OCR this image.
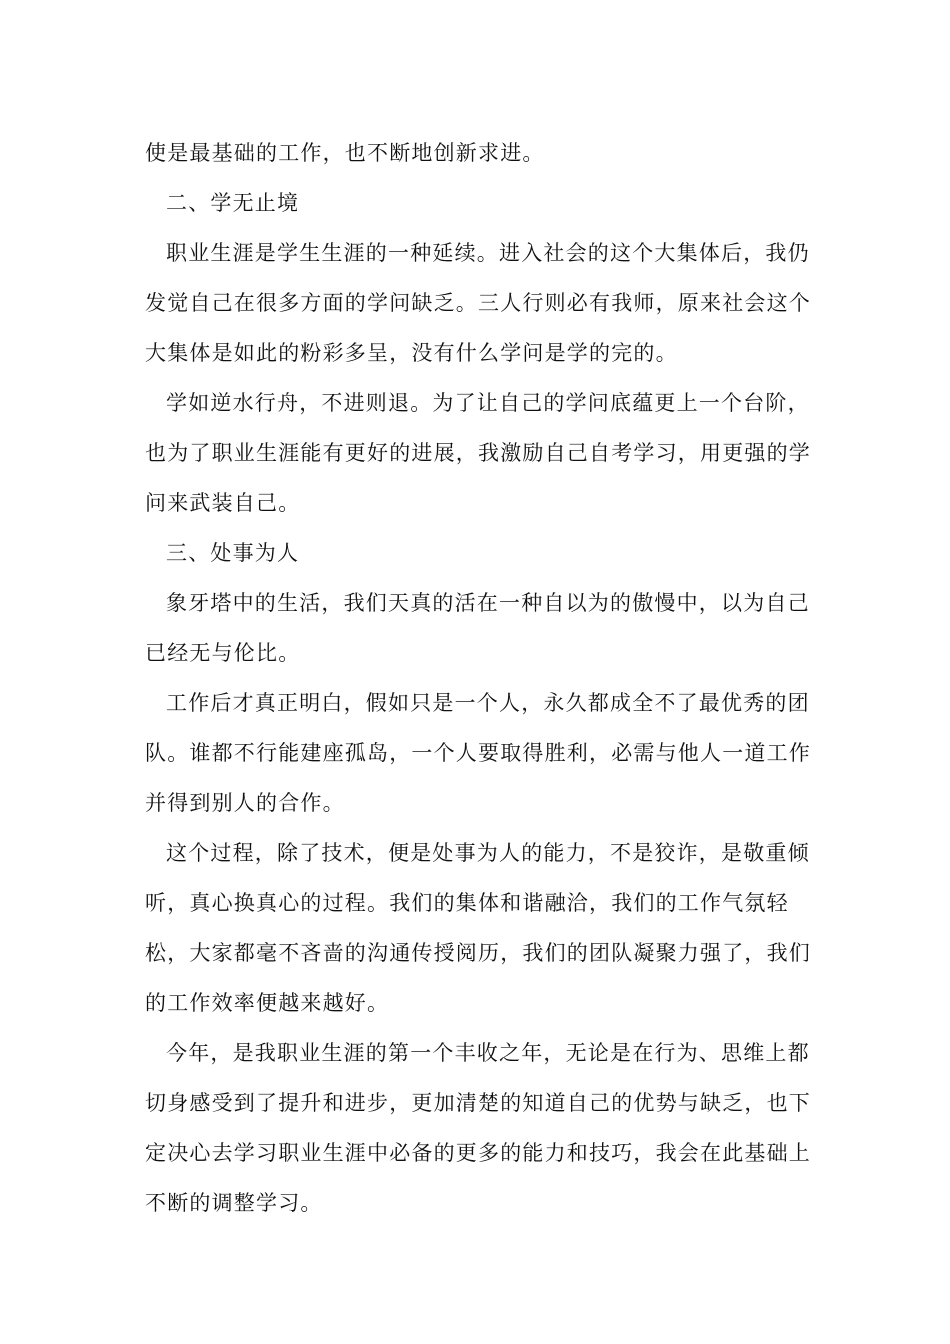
使是最基础的工作，也不断地创新求进。

二、学无止境

职业生涯是学生生涯的一种延续。进入社会的这个大集体后，我仍发觉自己在很多方面的学问缺乏。三人行则必有我师，原来社会这个大集体是如此的粉彩多呈，没有什么学问是学的完的。

学如逆水行舟，不进则退。为了让自己的学问底蕴更上一个台阶，也为了职业生涯能有更好的进展，我激励自己自考学习，用更强的学问来武装自己。

三、处事为人

象牙塔中的生活，我们天真的活在一种自以为的傲慢中，以为自己已经无与伦比。

工作后才真正明白，假如只是一个人，永久都成全不了最优秀的团队。谁都不行能建座孤岛，一个人要取得胜利，必需与他人一道工作并得到别人的合作。

这个过程，除了技术，便是处事为人的能力，不是狡诈，是敬重倾听，真心换真心的过程。我们的集体和谐融洽，我们的工作气氛轻松，大家都毫不吝啬的沟通传授阅历，我们的团队凝聚力强了，我们的工作效率便越来越好。

今年，是我职业生涯的第一个丰收之年，无论是在行为、思维上都切身感受到了提升和进步，更加清楚的知道自己的优势与缺乏，也下定决心去学习职业生涯中必备的更多的能力和技巧，我会在此基础上不断的调整学习。
